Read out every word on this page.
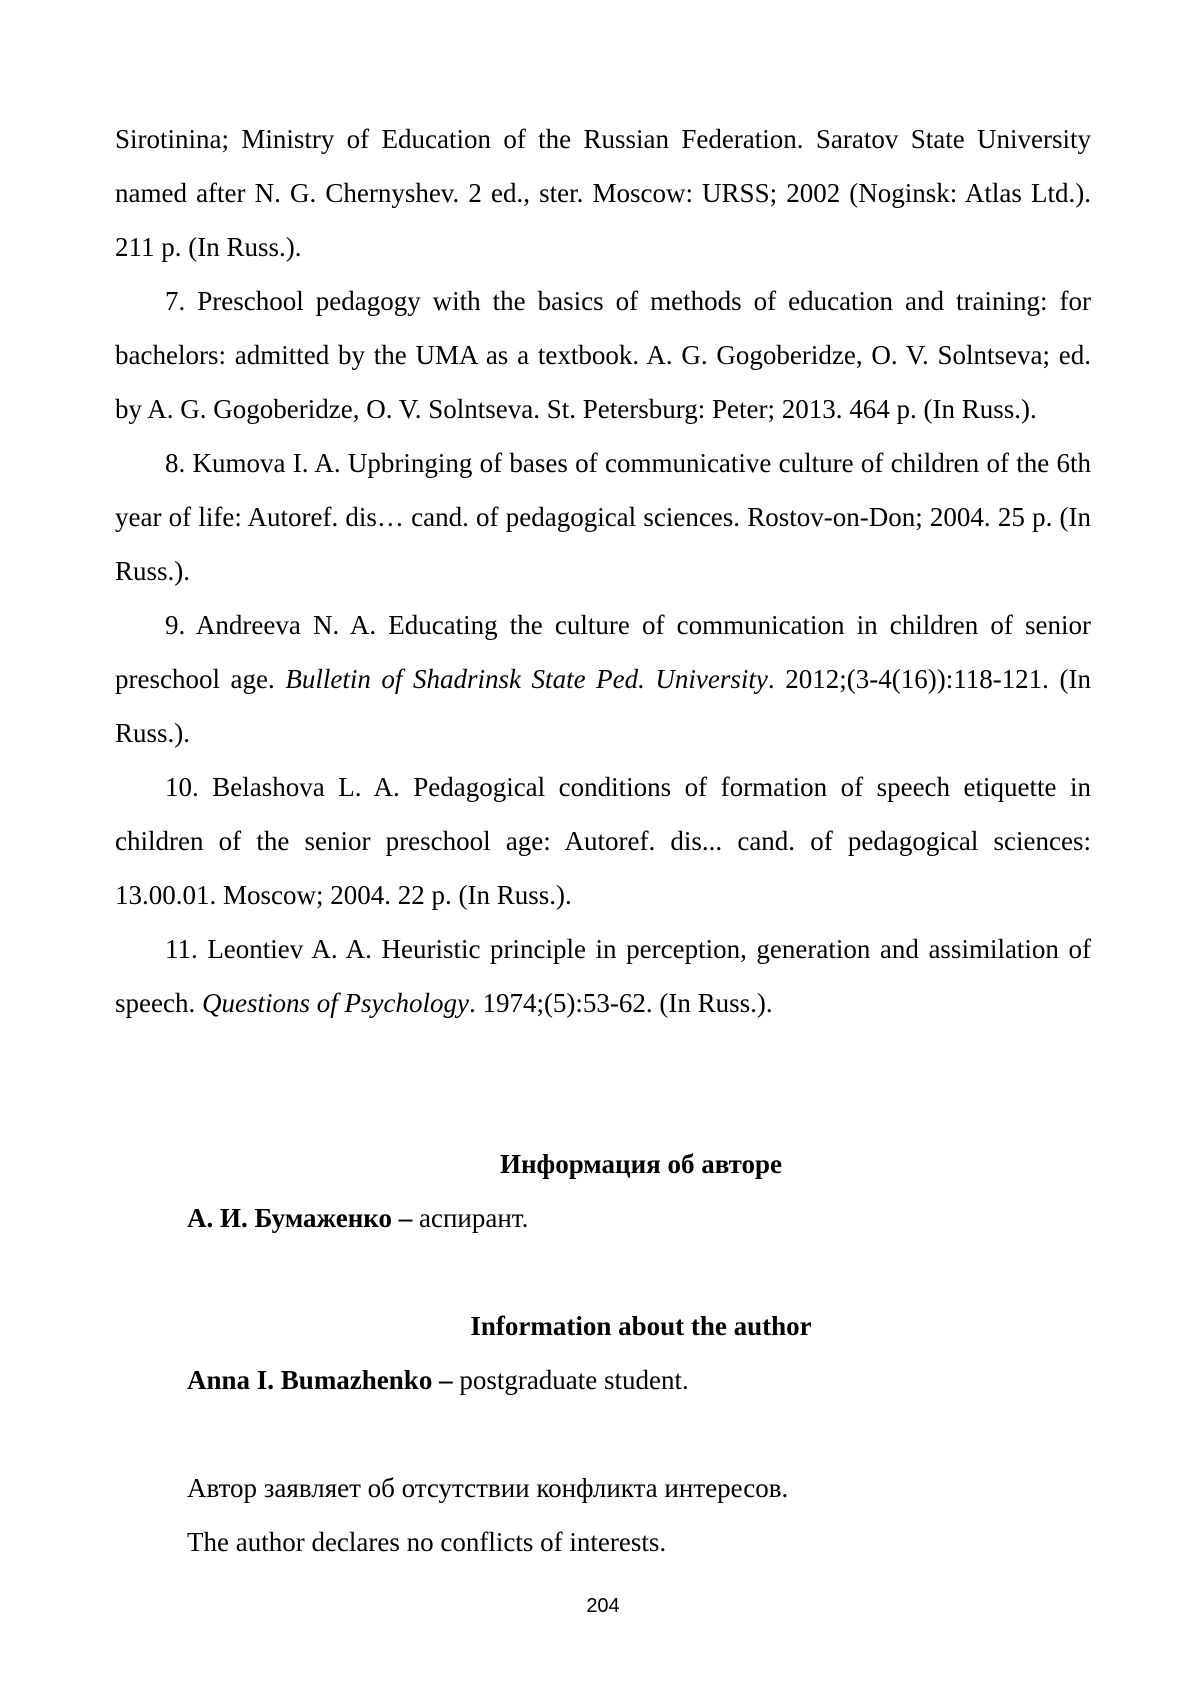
Sirotinina; Ministry of Education of the Russian Federation. Saratov State University named after N. G. Chernyshev. 2 ed., ster. Moscow: URSS; 2002 (Noginsk: Atlas Ltd.). 211 p. (In Russ.).

7. Preschool pedagogy with the basics of methods of education and training: for bachelors: admitted by the UMA as a textbook. A. G. Gogoberidze, O. V. Solntseva; ed. by A. G. Gogoberidze, O. V. Solntseva. St. Petersburg: Peter; 2013. 464 p. (In Russ.).

8. Kumova I. A. Upbringing of bases of communicative culture of children of the 6th year of life: Autoref. dis… cand. of pedagogical sciences. Rostov-on-Don; 2004. 25 p. (In Russ.).

9. Andreeva N. A. Educating the culture of communication in children of senior preschool age. Bulletin of Shadrinsk State Ped. University. 2012;(3-4(16)):118-121. (In Russ.).

10. Belashova L. A. Pedagogical conditions of formation of speech etiquette in children of the senior preschool age: Autoref. dis... cand. of pedagogical sciences: 13.00.01. Moscow; 2004. 22 p. (In Russ.).

11. Leontiev A. A. Heuristic principle in perception, generation and assimilation of speech. Questions of Psychology. 1974;(5):53-62. (In Russ.).

Информация об авторе
А. И. Бумаженко – аспирант.
Information about the author
Anna I. Bumazhenko – postgraduate student.
Автор заявляет об отсутствии конфликта интересов.
The author declares no conflicts of interests.
204
